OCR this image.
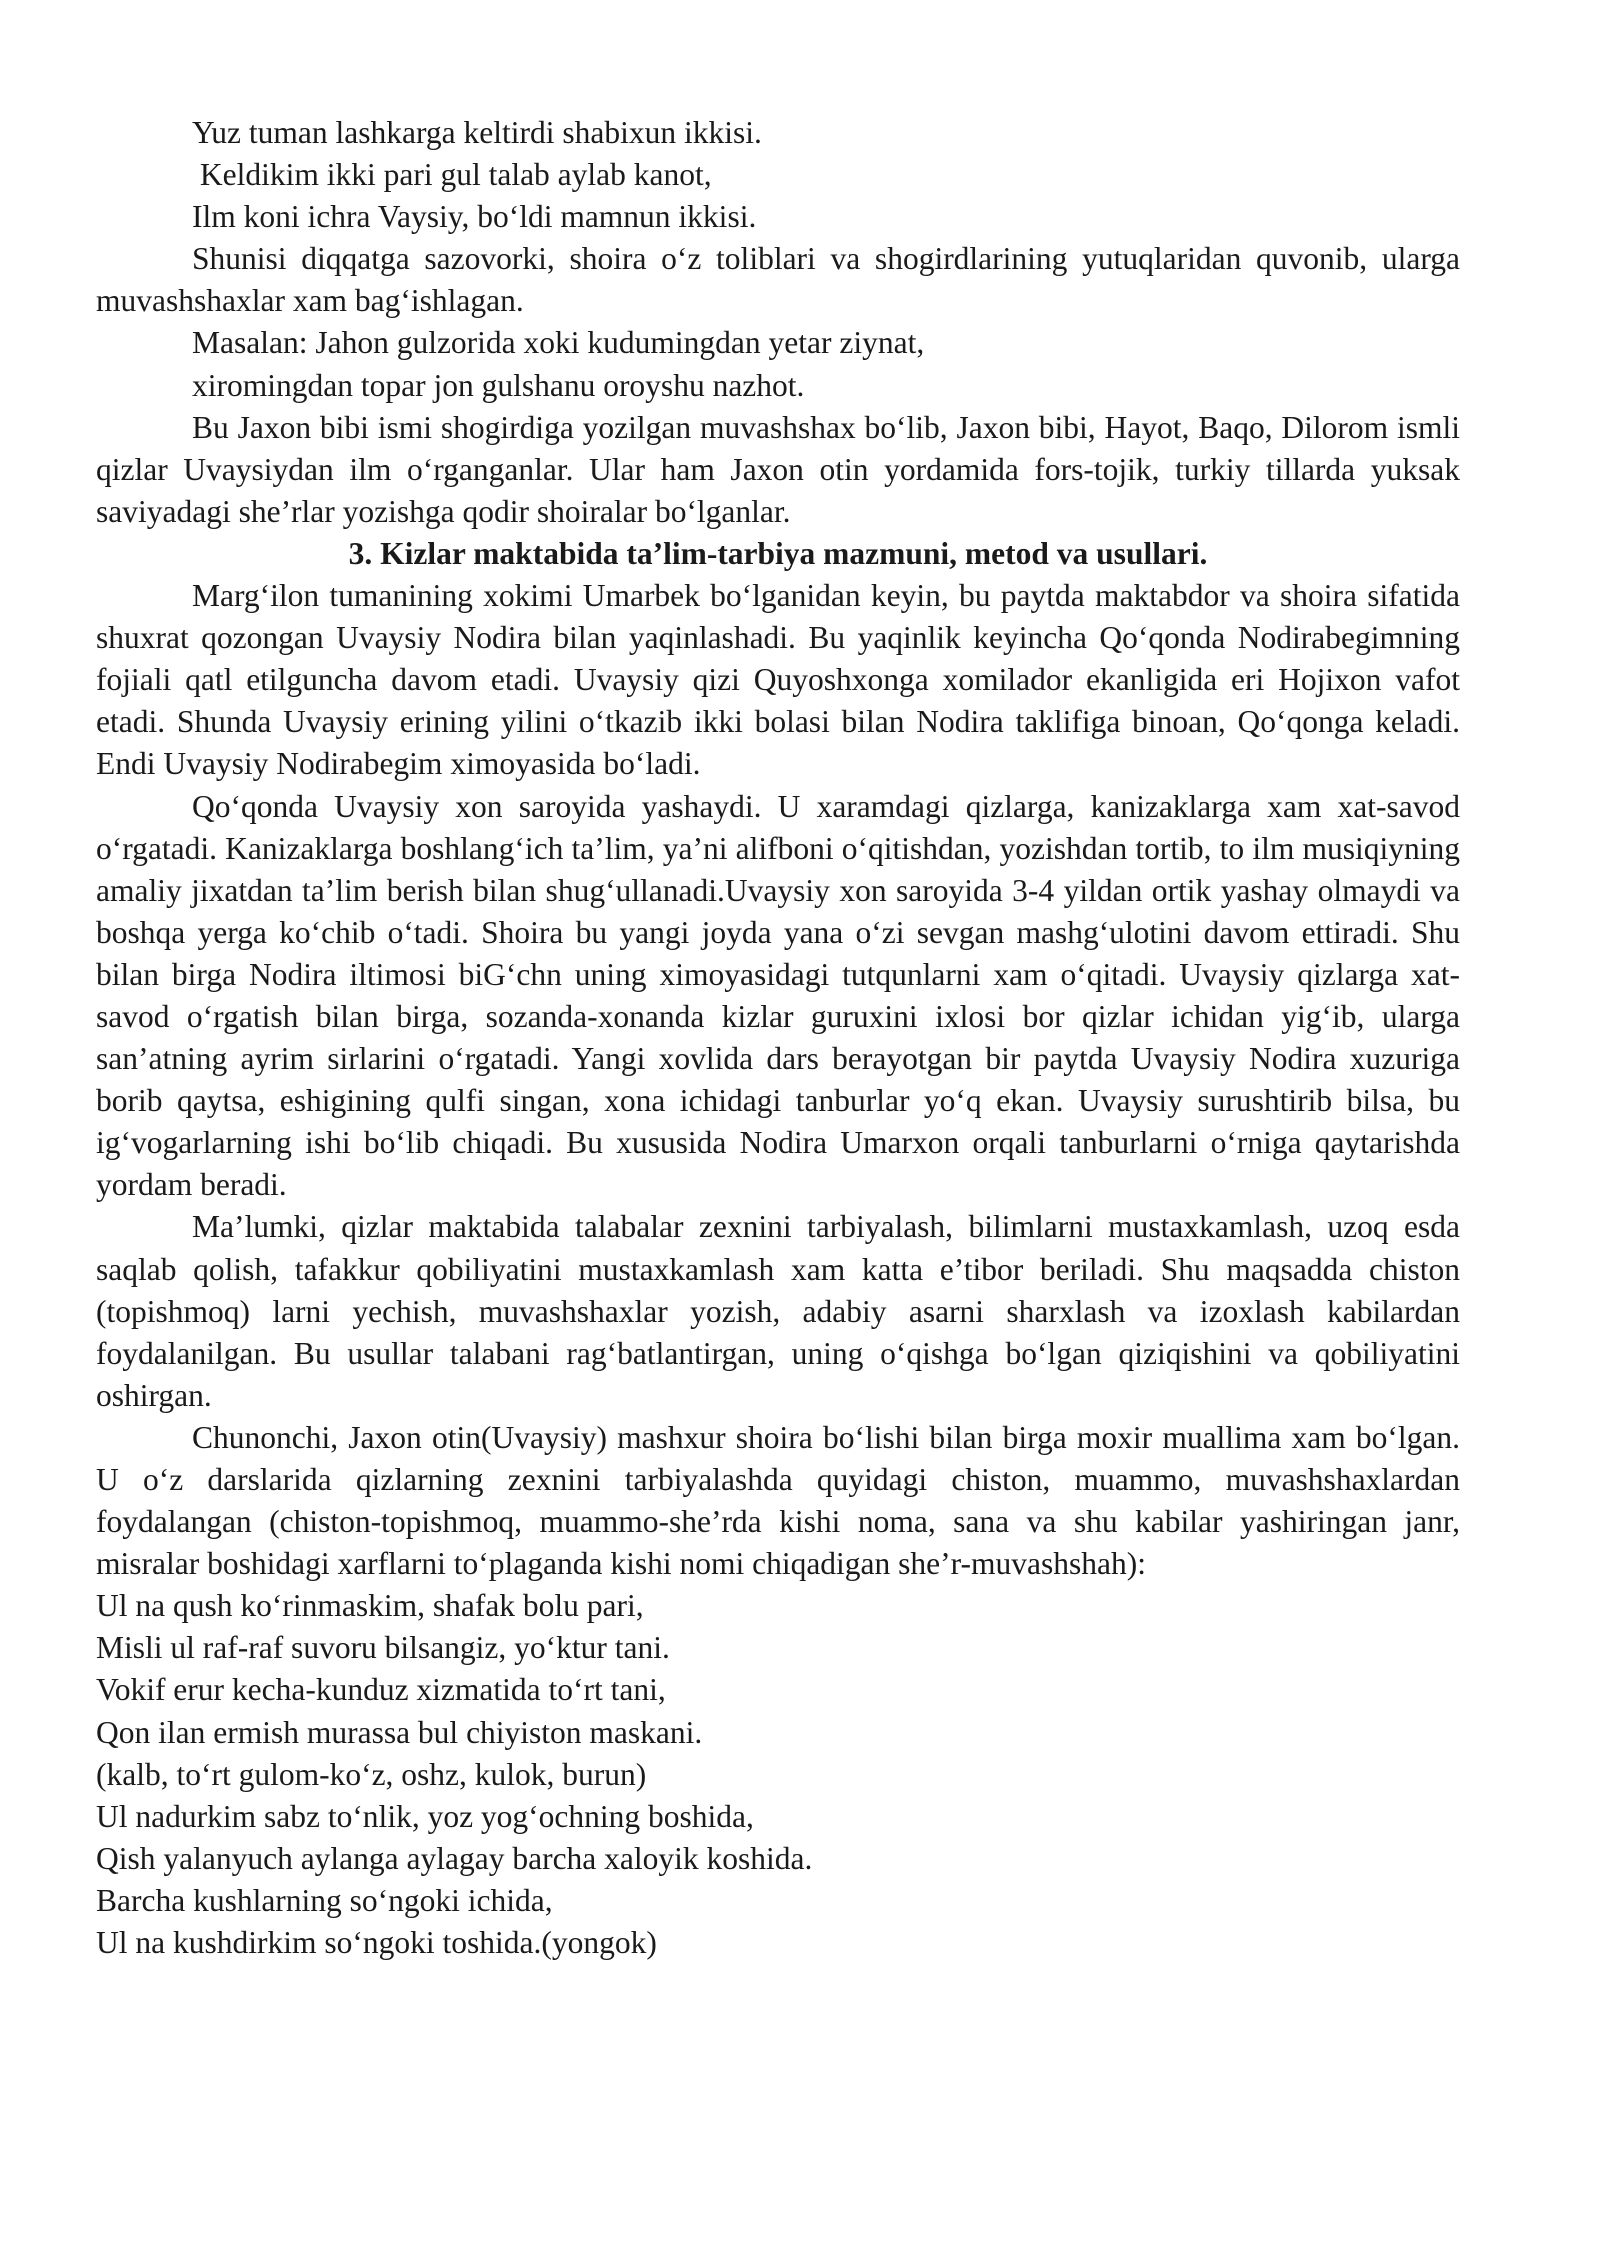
Yuz tuman lashkarga keltirdi shabixun ikkisi.

Keldikim ikki pari gul talab aylab kanot,

Ilm koni ichra Vaysiy, bo‘ldi mamnun ikkisi.

Shunisi diqqatga sazovorki, shoira o‘z toliblari va shogirdlarining yutuqlaridan quvonib, ularga muvashshaxlar xam bag‘ishlagan.

Masalan: Jahon gulzorida xoki kudumingdan yetar ziynat,

xiromingdan topar jon gulshanu oroyshu nazhot.

Bu Jaxon bibi ismi shogirdiga yozilgan muvashshax bo‘lib, Jaxon bibi, Hayot, Baqo, Dilorom ismli qizlar Uvaysiydan ilm o‘rganganlar. Ular ham Jaxon otin yordamida fors-tojik, turkiy tillarda yuksak saviyadagi she’rlar yozishga qodir shoiralar bo‘lganlar.

3. Kizlar maktabida ta’lim-tarbiya mazmuni, metod va usullari.

Marg‘ilon tumanining xokimi Umarbek bo‘lganidan keyin, bu paytda maktabdor va shoira sifatida shuxrat qozongan Uvaysiy Nodira bilan yaqinlashadi. Bu yaqinlik keyincha Qo‘qonda Nodirabegimning fojiali qatl etilguncha davom etadi. Uvaysiy qizi Quyoshxonga xomilador ekanligida eri Hojixon vafot etadi. Shunda Uvaysiy erining yilini o‘tkazib ikki bolasi bilan Nodira taklifiga binoan, Qo‘qonga keladi. Endi Uvaysiy Nodirabegim ximoyasida bo‘ladi.

Qo‘qonda Uvaysiy xon saroyida yashaydi. U xaramdagi qizlarga, kanizaklarga xam xat-savod o‘rgatadi. Kanizaklarga boshlang‘ich ta’lim, ya’ni alifboni o‘qitishdan, yozishdan tortib, to ilm musiqiyning amaliy jixatdan ta’lim berish bilan shug‘ullanadi.Uvaysiy xon saroyida 3-4 yildan ortik yashay olmaydi va boshqa yerga ko‘chib o‘tadi. Shoira bu yangi joyda yana o‘zi sevgan mashg‘ulotini davom ettiradi. Shu bilan birga Nodira iltimosi biG‘chn uning ximoyasidagi tutqunlarni xam o‘qitadi. Uvaysiy qizlarga xat-savod o‘rgatish bilan birga, sozanda-xonanda kizlar guruxini ixlosi bor qizlar ichidan yig‘ib, ularga san’atning ayrim sirlarini o‘rgatadi. Yangi xovlida dars berayotgan bir paytda Uvaysiy Nodira xuzuriga borib qaytsa, eshigining qulfi singan, xona ichidagi tanburlar yo‘q ekan. Uvaysiy surushtirib bilsa, bu ig‘vogarlarning ishi bo‘lib chiqadi. Bu xususida Nodira Umarxon orqali tanburlarni o‘rniga qaytarishda yordam beradi.

Ma’lumki, qizlar maktabida talabalar zexnini tarbiyalash, bilimlarni mustaxkamlash, uzoq esda saqlab qolish, tafakkur qobiliyatini mustaxkamlash xam katta e’tibor beriladi. Shu maqsadda chiston (topishmoq) larni yechish, muvashshaxlar yozish, adabiy asarni sharxlash va izoxlash kabilardan foydalanilgan. Bu usullar talabani rag‘batlantirgan, uning o‘qishga bo‘lgan qiziqishini va qobiliyatini oshirgan.

Chunonchi, Jaxon otin(Uvaysiy) mashxur shoira bo‘lishi bilan birga moxir muallima xam bo‘lgan. U o‘z darslarida qizlarning zexnini tarbiyalashda quyidagi chiston, muammo, muvashshaxlardan foydalangan (chiston-topishmoq, muammo-she’rda kishi noma, sana va shu kabilar yashiringan janr, misralar boshidagi xarflarni to‘plaganda kishi nomi chiqadigan she’r-muvashshah):

Ul na qush ko‘rinmaskim, shafak bolu pari,

Misli ul raf-raf suvoru bilsangiz, yo‘ktur tani.

Vokif erur kecha-kunduz xizmatida to‘rt tani,

Qon ilan ermish murassa bul chiyiston maskani.

(kalb, to‘rt gulom-ko‘z, oshz, kulok, burun)

Ul nadurkim sabz to‘nlik, yoz yog‘ochning boshida,

Qish yalanyuch aylanga aylagay barcha xaloyik koshida.

Barcha kushlarning so‘ngoki ichida,

Ul na kushdirkim so‘ngoki toshida.(yongok)
